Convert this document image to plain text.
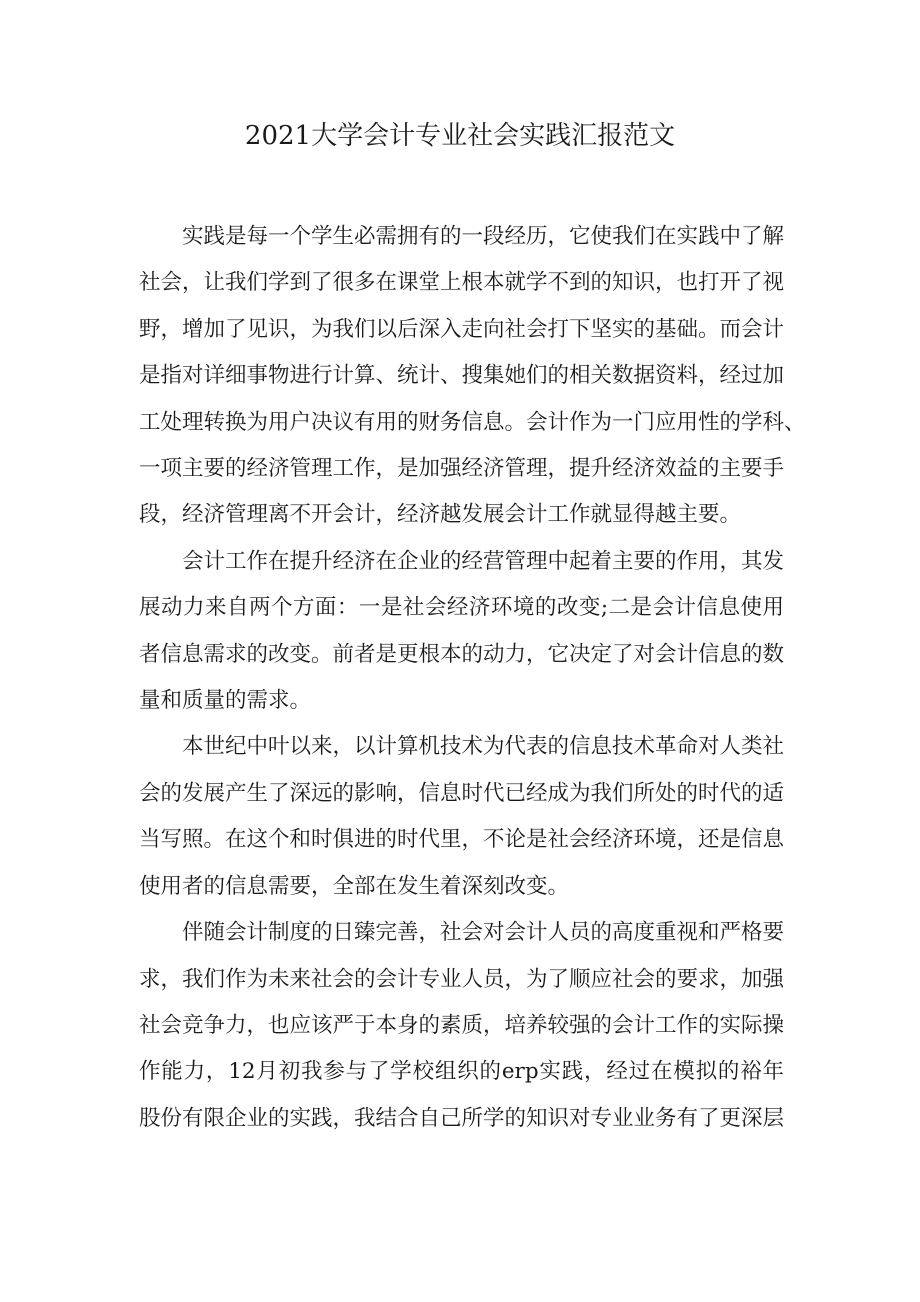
2021大学会计专业社会实践汇报范文

实践是每一个学生必需拥有的一段经历，它使我们在实践中了解
社会，让我们学到了很多在课堂上根本就学不到的知识，也打开了视
野，增加了见识，为我们以后深入走向社会打下坚实的基础。而会计
是指对详细事物进行计算、统计、搜集她们的相关数据资料，经过加
工处理转换为用户决议有用的财务信息。会计作为一门应用性的学科、
一项主要的经济管理工作，是加强经济管理，提升经济效益的主要手
段，经济管理离不开会计，经济越发展会计工作就显得越主要。

会计工作在提升经济在企业的经营管理中起着主要的作用，其发
展动力来自两个方面：一是社会经济环境的改变;二是会计信息使用
者信息需求的改变。前者是更根本的动力，它决定了对会计信息的数
量和质量的需求。

本世纪中叶以来，以计算机技术为代表的信息技术革命对人类社
会的发展产生了深远的影响，信息时代已经成为我们所处的时代的适
当写照。在这个和时俱进的时代里，不论是社会经济环境，还是信息
使用者的信息需要，全部在发生着深刻改变。

伴随会计制度的日臻完善，社会对会计人员的高度重视和严格要
求，我们作为未来社会的会计专业人员，为了顺应社会的要求，加强
社会竞争力，也应该严于本身的素质，培养较强的会计工作的实际操
作能力，12月初我参与了学校组织的erp实践，经过在模拟的裕年
股份有限企业的实践，我结合自己所学的知识对专业业务有了更深层
